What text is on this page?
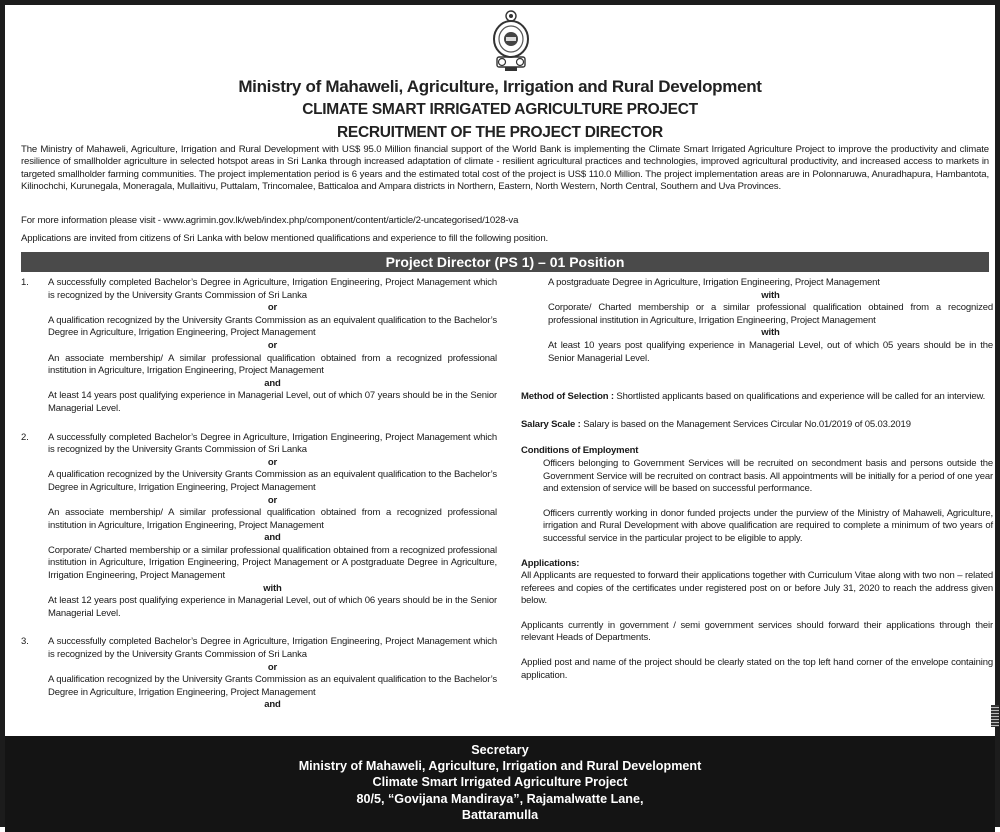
Ministry of Mahaweli, Agriculture, Irrigation and Rural Development
CLIMATE SMART IRRIGATED AGRICULTURE PROJECT
RECRUITMENT OF THE PROJECT DIRECTOR
The Ministry of Mahaweli, Agriculture, Irrigation and Rural Development with US$ 95.0 Million financial support of the World Bank is implementing the Climate Smart Irrigated Agriculture Project to improve the productivity and climate resilience of smallholder agriculture in selected hotspot areas in Sri Lanka through increased adaptation of climate - resilient agricultural practices and technologies, improved agricultural productivity, and increased access to markets in targeted smallholder farming communities. The project implementation period is 6 years and the estimated total cost of the project is US$ 110.0 Million. The project implementation areas are in Polonnaruwa, Anuradhapura, Hambantota, Kilinochchi, Kurunegala, Moneragala, Mullaitivu, Puttalam, Trincomalee, Batticaloa and Ampara districts in Northern, Eastern, North Western, North Central, Southern and Uva Provinces.
For more information please visit - www.agrimin.gov.lk/web/index.php/component/content/article/2-uncategorised/1028-va
Applications are invited from citizens of Sri Lanka with below mentioned qualifications and experience to fill the following position.
Project Director (PS 1) – 01 Position
1.	A successfully completed Bachelor’s Degree in Agriculture, Irrigation Engineering, Project Management which is recognized by the University Grants Commission of Sri Lanka
or
A qualification recognized by the University Grants Commission as an equivalent qualification to the Bachelor’s Degree in Agriculture, Irrigation Engineering, Project Management
or
An associate membership/ A similar professional qualification obtained from a recognized professional institution in Agriculture, Irrigation Engineering, Project Management
and
At least 14 years post qualifying experience in Managerial Level, out of which 07 years should be in the Senior Managerial Level.
2.	A successfully completed Bachelor’s Degree in Agriculture, Irrigation Engineering, Project Management which is recognized by the University Grants Commission of Sri Lanka
or
A qualification recognized by the University Grants Commission as an equivalent qualification to the Bachelor’s Degree in Agriculture, Irrigation Engineering, Project Management
or
An associate membership/ A similar professional qualification obtained from a recognized professional institution in Agriculture, Irrigation Engineering, Project Management
and
Corporate/ Charted membership or a similar professional qualification obtained from a recognized professional institution in Agriculture, Irrigation Engineering, Project Management or A postgraduate Degree in Agriculture, Irrigation Engineering, Project Management
with
At least 12 years post qualifying experience in Managerial Level, out of which 06 years should be in the Senior Managerial Level.
3.	A successfully completed Bachelor’s Degree in Agriculture, Irrigation Engineering, Project Management which is recognized by the University Grants Commission of Sri Lanka
or
A qualification recognized by the University Grants Commission as an equivalent qualification to the Bachelor’s Degree in Agriculture, Irrigation Engineering, Project Management
and
A postgraduate Degree in Agriculture, Irrigation Engineering, Project Management
with
Corporate/ Charted membership or a similar professional qualification obtained from a recognized professional institution in Agriculture, Irrigation Engineering, Project Management
with
At least 10 years post qualifying experience in Managerial Level, out of which 05 years should be in the Senior Managerial Level.
Method of Selection : Shortlisted applicants based on qualifications and experience will be called for an interview.
Salary Scale : Salary is based on the Management Services Circular No.01/2019 of 05.03.2019
Conditions of Employment

Officers belonging to Government Services will be recruited on secondment basis and persons outside the Government Service will be recruited on contract basis. All appointments will be initially for a period of one year and extension of service will be based on successful performance.

Officers currently working in donor funded projects under the purview of the Ministry of Mahaweli, Agriculture, irrigation and Rural Development with above qualification are required to complete a minimum of two years of successful service in the particular project to be eligible to apply.

Applications:
All Applicants are requested to forward their applications together with Curriculum Vitae along with two non – related referees and copies of the certificates under registered post on or before July 31, 2020 to reach the address given below.
Applicants currently in government / semi government services should forward their applications through their relevant Heads of Departments.
Applied post and name of the project should be clearly stated on the top left hand corner of the envelope containing application.
Secretary
Ministry of Mahaweli, Agriculture, Irrigation and Rural Development
Climate Smart Irrigated Agriculture Project
80/5, “Govijana Mandiraya”, Rajamalwatte Lane,
Battaramulla
